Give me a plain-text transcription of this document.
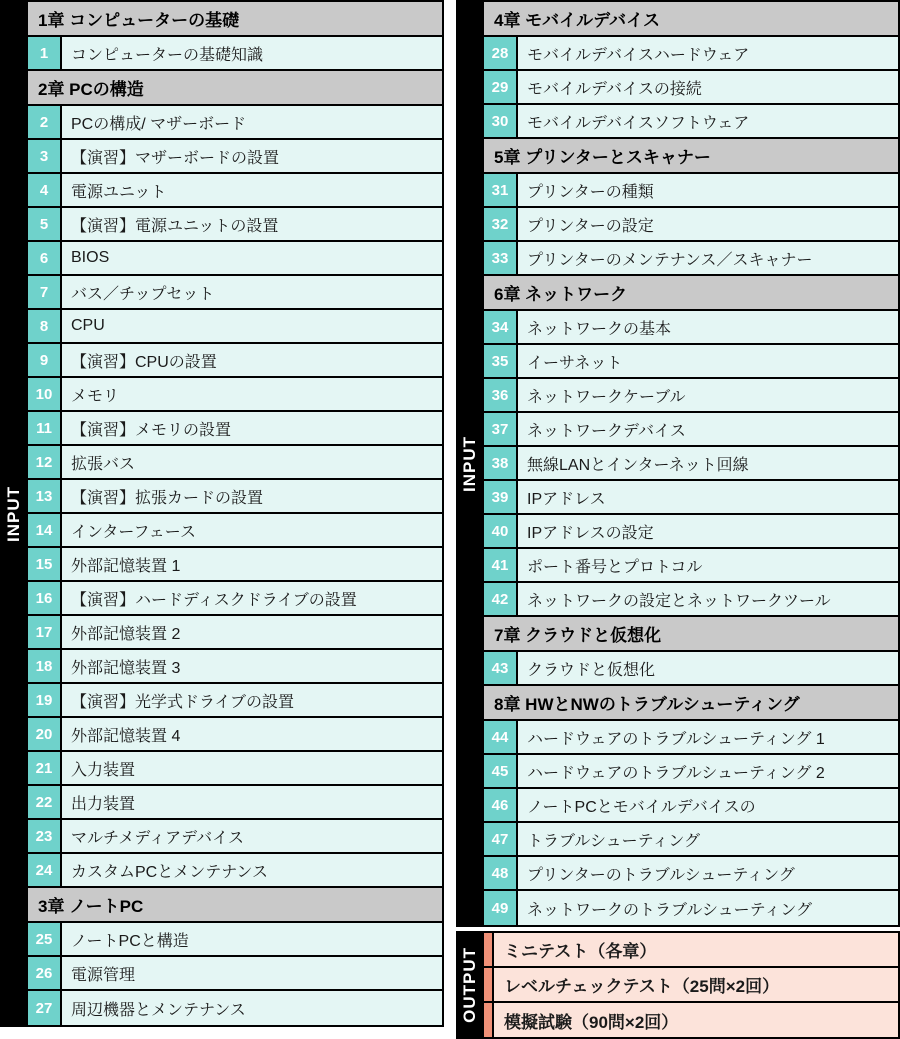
INPUT
1章 コンピューターの基礎
1	コンピューターの基礎知識
2章 PCの構造
2	PCの構成/ マザーボード
3	【演習】マザーボードの設置
4	電源ユニット
5	【演習】電源ユニットの設置
6	BIOS
7	バス／チップセット
8	CPU
9	【演習】CPUの設置
10	メモリ
11	【演習】メモリの設置
12	拡張バス
13	【演習】拡張カードの設置
14	インターフェース
15	外部記憶装置 1
16	【演習】ハードディスクドライブの設置
17	外部記憶装置 2
18	外部記憶装置 3
19	【演習】光学式ドライブの設置
20	外部記憶装置 4
21	入力装置
22	出力装置
23	マルチメディアデバイス
24	カスタムPCとメンテナンス
3章 ノートPC
25	ノートPCと構造
26	電源管理
27	周辺機器とメンテナンス
INPUT
4章 モバイルデバイス
28	モバイルデバイスハードウェア
29	モバイルデバイスの接続
30	モバイルデバイスソフトウェア
5章 プリンターとスキャナー
31	プリンターの種類
32	プリンターの設定
33	プリンターのメンテナンス／スキャナー
6章 ネットワーク
34	ネットワークの基本
35	イーサネット
36	ネットワークケーブル
37	ネットワークデバイス
38	無線LANとインターネット回線
39	IPアドレス
40	IPアドレスの設定
41	ポート番号とプロトコル
42	ネットワークの設定とネットワークツール
7章 クラウドと仮想化
43	クラウドと仮想化
8章 HWとNWのトラブルシューティング
44	ハードウェアのトラブルシューティング 1
45	ハードウェアのトラブルシューティング 2
46	ノートPCとモバイルデバイスの
47	トラブルシューティング
48	プリンターのトラブルシューティング
49	ネットワークのトラブルシューティング
OUTPUT	ミニテスト（各章）
レベルチェックテスト（25問×2回）
模擬試験（90問×2回）
